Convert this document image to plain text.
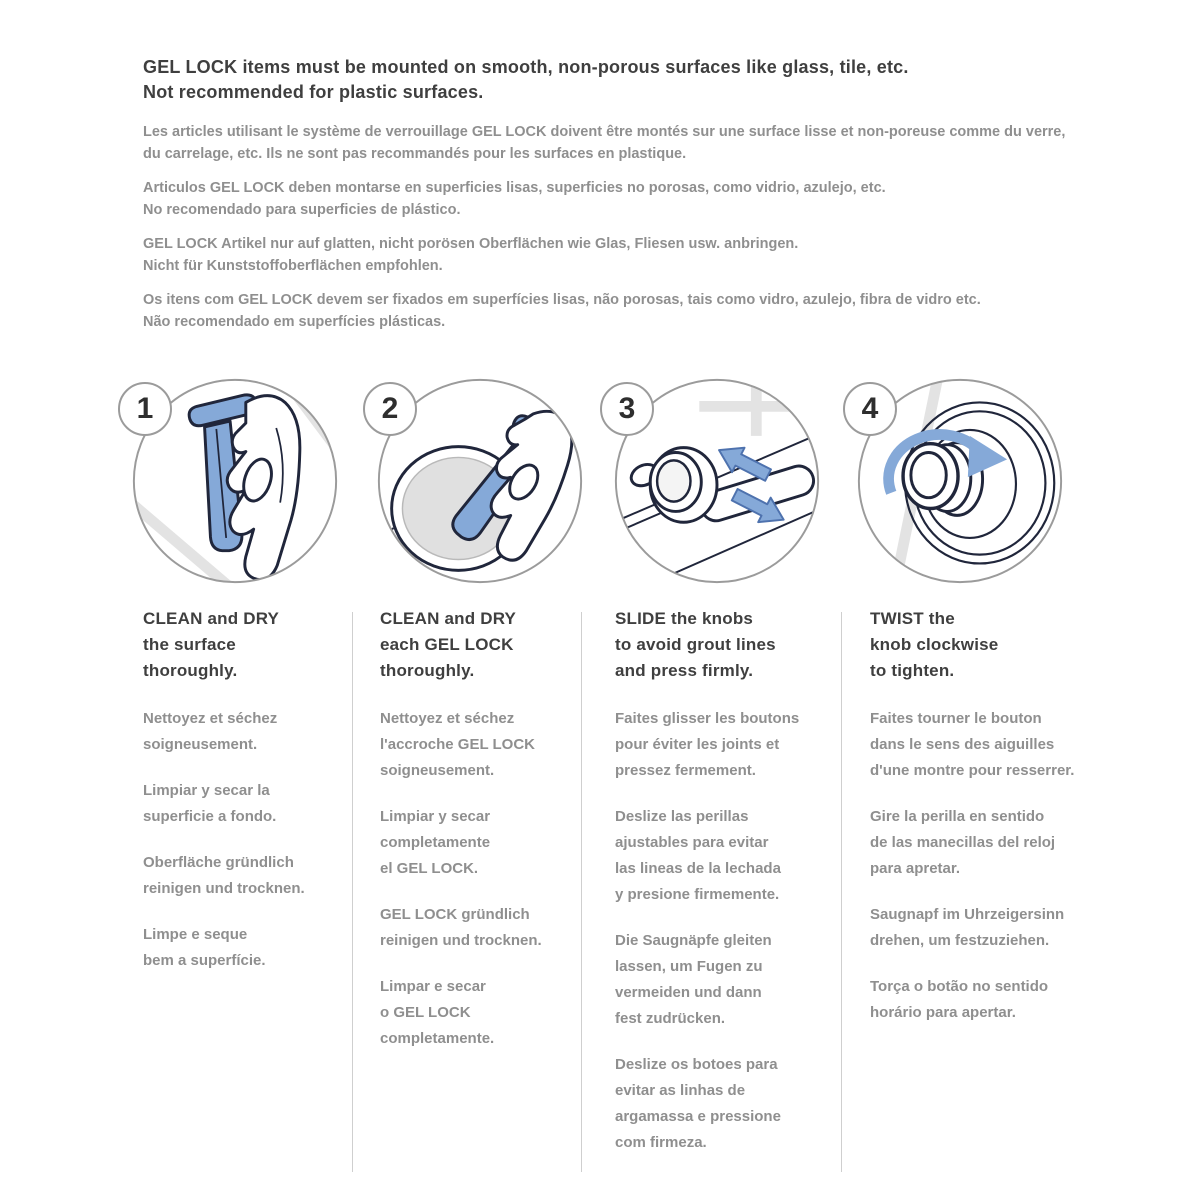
GEL LOCK items must be mounted on smooth, non-porous surfaces like glass, tile, etc.
Not recommended for plastic surfaces.

Les articles utilisant le système de verrouillage GEL LOCK doivent être montés sur une surface lisse et non-poreuse comme du verre,
du carrelage, etc. Ils ne sont pas recommandés pour les surfaces en plastique.

Articulos GEL LOCK deben montarse en superficies lisas, superficies no porosas, como vidrio, azulejo, etc.
No recomendado para superficies de plástico.

GEL LOCK Artikel nur auf glatten, nicht porösen Oberflächen wie Glas, Fliesen usw. anbringen.
Nicht für Kunststoffoberflächen empfohlen.

Os itens com GEL LOCK devem ser fixados em superfícies lisas, não porosas, tais como vidro, azulejo, fibra de vidro etc.
Não recomendado em superfícies plásticas.

1	2	3	4
CLEAN and DRY
the surface
thoroughly.

Nettoyez et séchez
soigneusement.

Limpiar y secar la
superficie a fondo.

Oberfläche gründlich
reinigen und trocknen.

Limpe e seque
bem a superfície.

CLEAN and DRY
each GEL LOCK
thoroughly.

Nettoyez et séchez
l'accroche GEL LOCK
soigneusement.

Limpiar y secar
completamente
el GEL LOCK.

GEL LOCK gründlich
reinigen und trocknen.

Limpar e secar
o GEL LOCK
completamente.

SLIDE the knobs
to avoid grout lines
and press firmly.

Faites glisser les boutons
pour éviter les joints et
pressez fermement.

Deslize las perillas
ajustables para evitar
las lineas de la lechada
y presione firmemente.

Die Saugnäpfe gleiten
lassen, um Fugen zu
vermeiden und dann
fest zudrücken.

Deslize os botoes para
evitar as linhas de
argamassa e pressione
com firmeza.

TWIST the
knob clockwise
to tighten.

Faites tourner le bouton
dans le sens des aiguilles
d'une montre pour resserrer.

Gire la perilla en sentido
de las manecillas del reloj
para apretar.

Saugnapf im Uhrzeigersinn
drehen, um festzuziehen.

Torça o botão no sentido
horário para apertar.
